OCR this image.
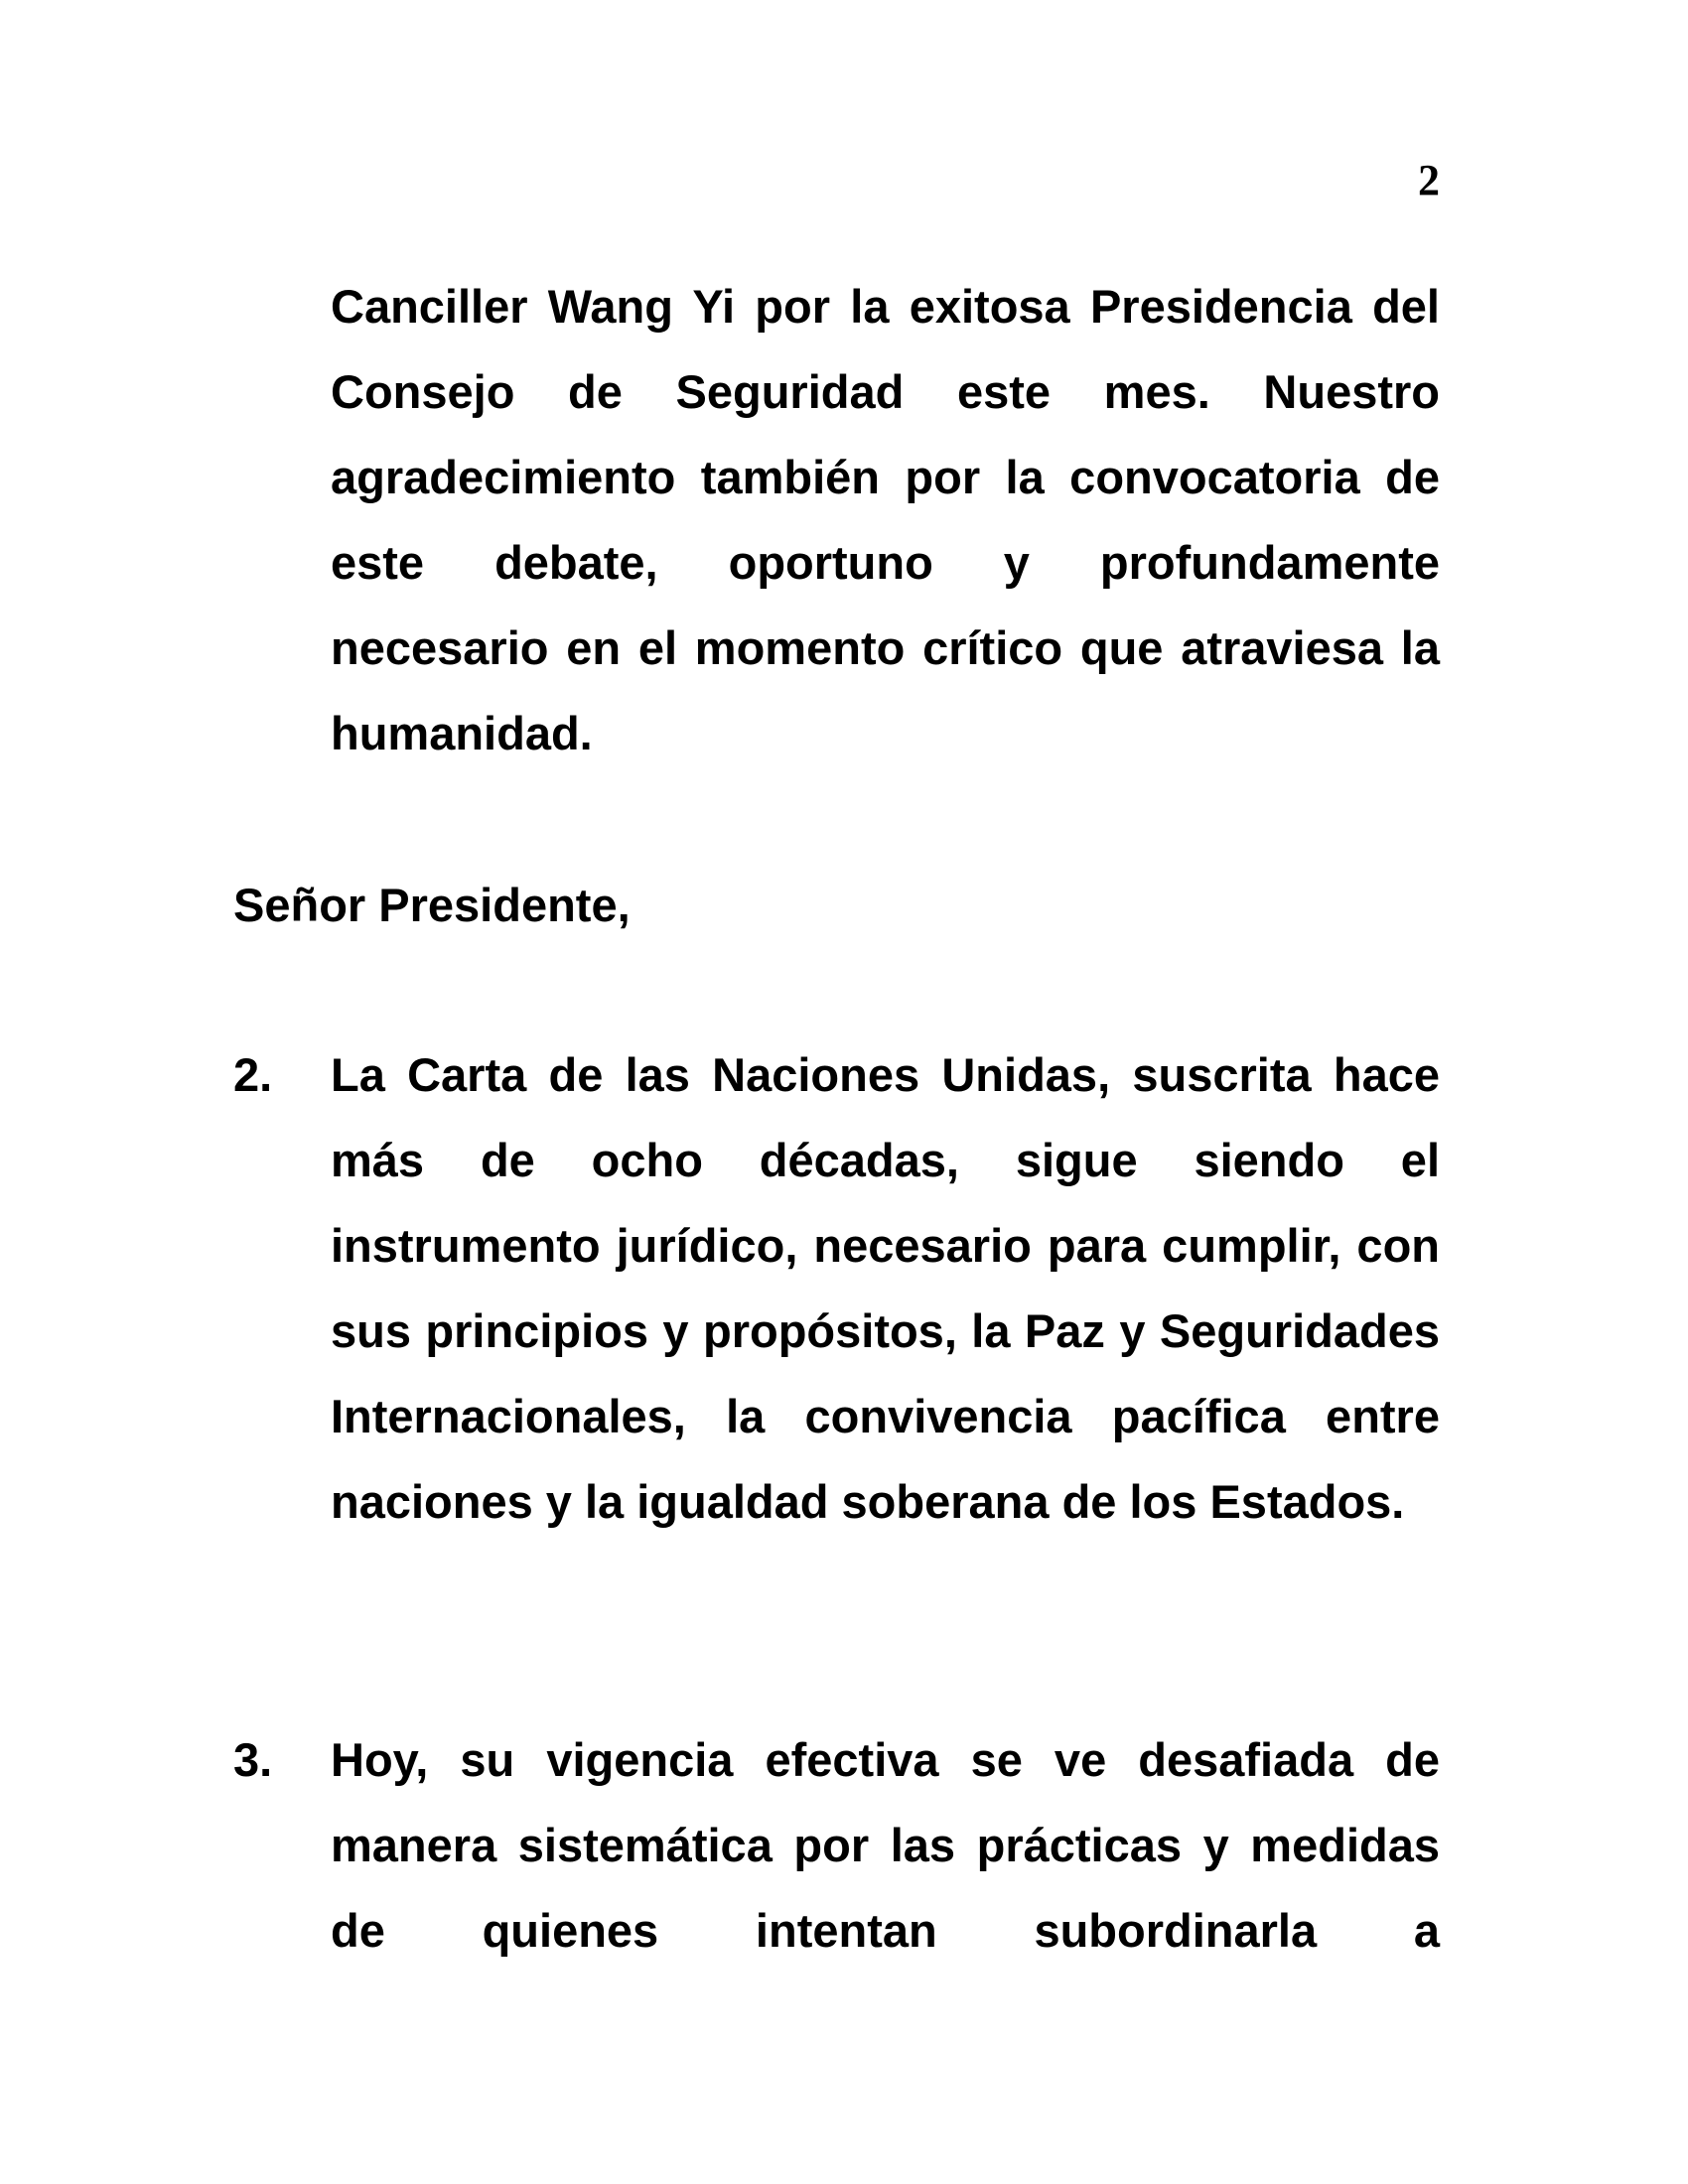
2
Canciller Wang Yi por la exitosa Presidencia del Consejo de Seguridad este mes. Nuestro agradecimiento también por la convocatoria de este debate, oportuno y profundamente necesario en el momento crítico que atraviesa la humanidad.
Señor Presidente,
2. La Carta de las Naciones Unidas, suscrita hace más de ocho décadas, sigue siendo el instrumento jurídico, necesario para cumplir, con sus principios y propósitos, la Paz y Seguridades Internacionales, la convivencia pacífica entre naciones y la igualdad soberana de los Estados.
3. Hoy, su vigencia efectiva se ve desafiada de manera sistemática por las prácticas y medidas de quienes intentan subordinarla a
